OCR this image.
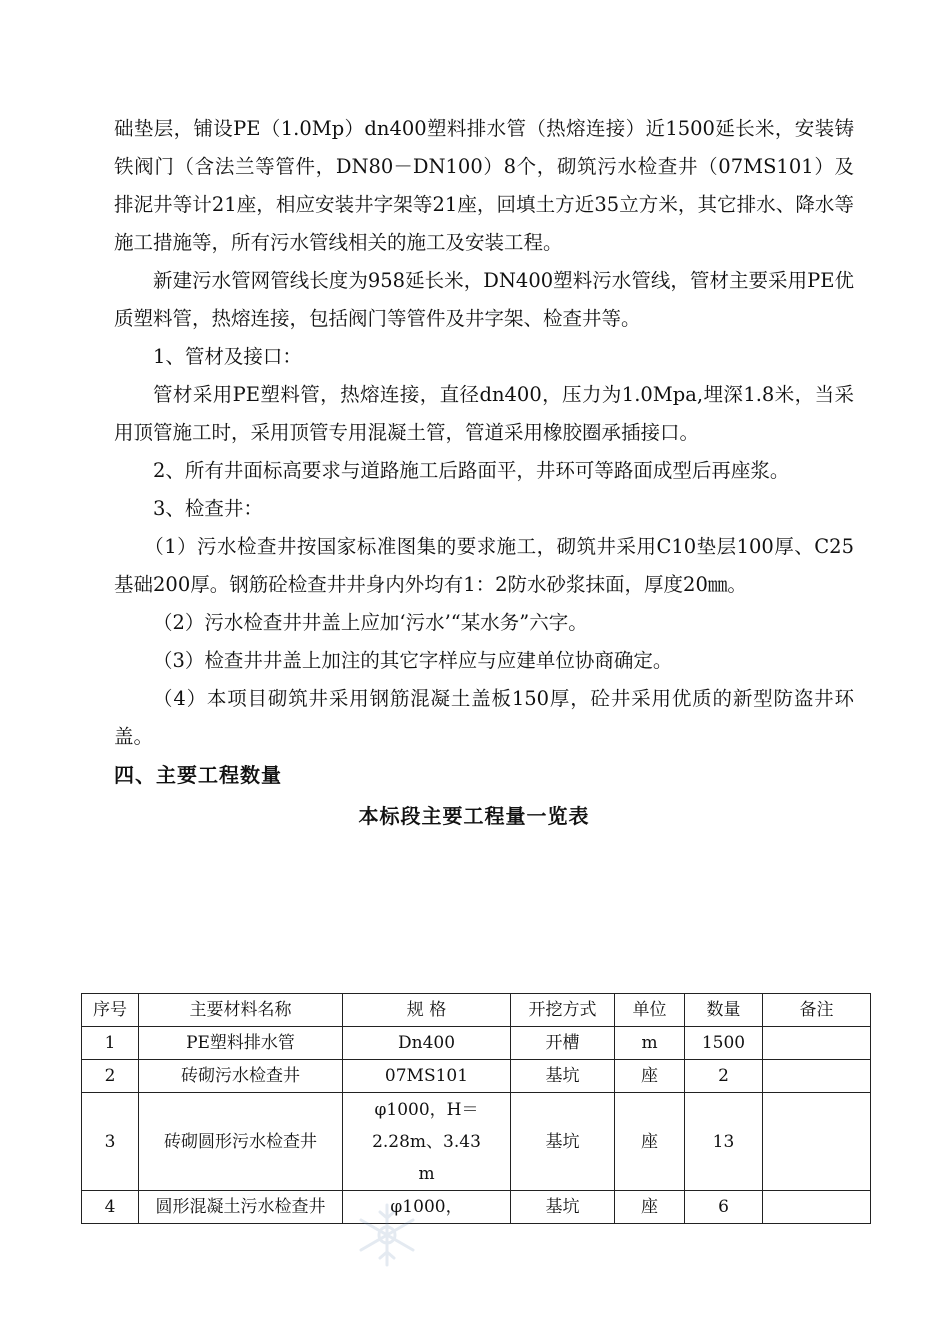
础垫层，铺设PE（1.0Mp）dn400塑料排水管（热熔连接）近1500延长米，安装铸铁阀门（含法兰等管件，DN80－DN100）8个，砌筑污水检查井（07MS101）及排泥井等计21座，相应安装井字架等21座，回填土方近35立方米，其它排水、降水等施工措施等，所有污水管线相关的施工及安装工程。

新建污水管网管线长度为958延长米，DN400塑料污水管线，管材主要采用PE优质塑料管，热熔连接，包括阀门等管件及井字架、检查井等。

1、管材及接口：

管材采用PE塑料管，热熔连接，直径dn400，压力为1.0Mpa,埋深1.8米，当采用顶管施工时，采用顶管专用混凝土管，管道采用橡胶圈承插接口。

2、所有井面标高要求与道路施工后路面平，井环可等路面成型后再座浆。

3、检查井：

（1）污水检查井按国家标准图集的要求施工，砌筑井采用C10垫层100厚、C25基础200厚。钢筋砼检查井井身内外均有1：2防水砂浆抹面，厚度20㎜。

（2）污水检查井井盖上应加‘污水’“某水务”六字。

（3）检查井井盖上加注的其它字样应与应建单位协商确定。

（4）本项目砌筑井采用钢筋混凝土盖板150厚，砼井采用优质的新型防盗井环盖。

四、主要工程数量

本标段主要工程量一览表
序号	主要材料名称	规 格	开挖方式	单位	数量	备注
1	PE塑料排水管	Dn400	开槽	m	1500	
2	砖砌污水检查井	07MS101	基坑	座	2	
3	砖砌圆形污水检查井	φ1000，H＝2.28m、3.43m	基坑	座	13	
4	圆形混凝土污水检查井	φ1000，	基坑	座	6	
